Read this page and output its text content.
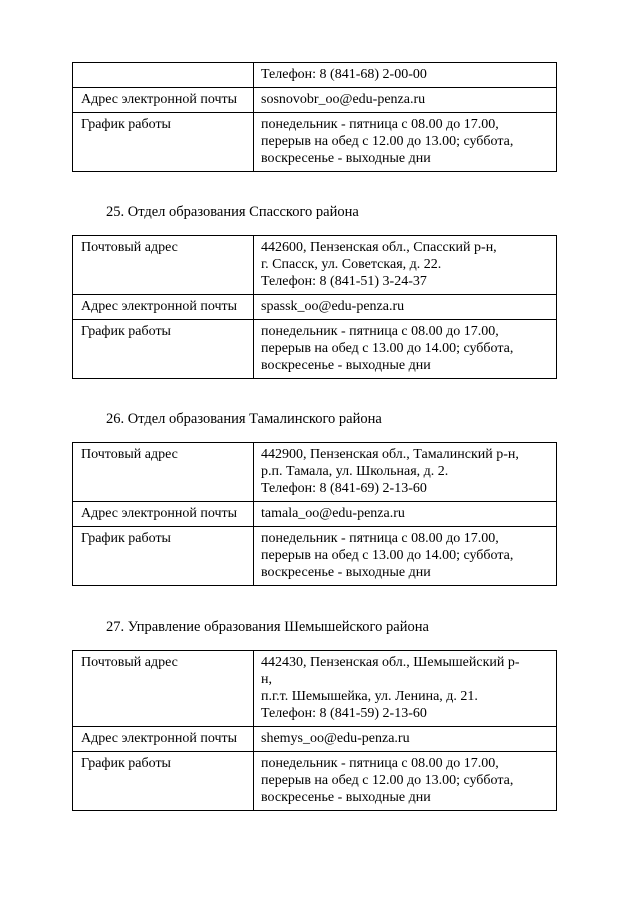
	Телефон: 8 (841-68) 2-00-00

Адрес электронной почты	sosnovobr_oo@edu-penza.ru

График работы	понедельник - пятница с 08.00 до 17.00,
перерыв на обед с 12.00 до 13.00; суббота,
воскресенье - выходные дни
25. Отдел образования Спасского района
Почтовый адрес	442600, Пензенская обл., Спасский р-н,
г. Спасск, ул. Советская, д. 22.
Телефон: 8 (841-51) 3-24-37

Адрес электронной почты	spassk_oo@edu-penza.ru

График работы	понедельник - пятница с 08.00 до 17.00,
перерыв на обед с 13.00 до 14.00; суббота,
воскресенье - выходные дни
26. Отдел образования Тамалинского района
Почтовый адрес	442900, Пензенская обл., Тамалинский р-н,
р.п. Тамала, ул. Школьная, д. 2.
Телефон: 8 (841-69) 2-13-60

Адрес электронной почты	tamala_oo@edu-penza.ru

График работы	понедельник - пятница с 08.00 до 17.00,
перерыв на обед с 13.00 до 14.00; суббота,
воскресенье - выходные дни
27. Управление образования Шемышейского района
Почтовый адрес	442430, Пензенская обл., Шемышейский р-
н,
п.г.т. Шемышейка, ул. Ленина, д. 21.
Телефон: 8 (841-59) 2-13-60

Адрес электронной почты	shemys_oo@edu-penza.ru

График работы	понедельник - пятница с 08.00 до 17.00,
перерыв на обед с 12.00 до 13.00; суббота,
воскресенье - выходные дни
